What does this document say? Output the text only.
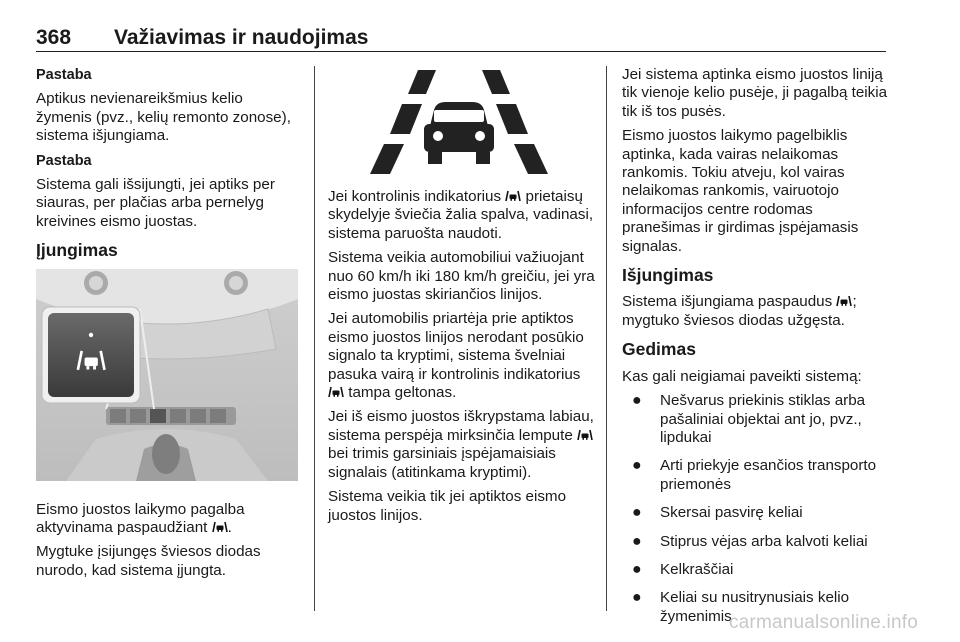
368 Važiavimas ir naudojimas

Pastaba

Aptikus nevienareikšmius kelio žymenis (pvz., kelių remonto zonose), sistema išjungiama.

Pastaba

Sistema gali išsijungti, jei aptiks per siauras, per plačias arba pernelyg kreivines eismo juostas.

Įjungimas

Eismo juostos laikymo pagalba aktyvinama paspaudžiant .

Mygtuke įsijungęs šviesos diodas nurodo, kad sistema įjungta.

Jei kontrolinis indikatorius  prietaisų skydelyje šviečia žalia spalva, vadinasi, sistema paruošta naudoti.

Sistema veikia automobiliui važiuojant nuo 60 km/h iki 180 km/h greičiu, jei yra eismo juostas skiriančios linijos.

Jei automobilis priartėja prie aptiktos eismo juostos linijos nerodant posūkio signalo ta kryptimi, sistema švelniai pasuka vairą ir kontrolinis indikatorius  tampa geltonas.

Jei iš eismo juostos iškrypstama labiau, sistema perspėja mirksinčia lempute  bei trimis garsiniais įspėjamaisiais signalais (atitinkama kryptimi).

Sistema veikia tik jei aptiktos eismo juostos linijos.

Jei sistema aptinka eismo juostos liniją tik vienoje kelio pusėje, ji pagalbą teikia tik iš tos pusės.

Eismo juostos laikymo pagelbiklis aptinka, kada vairas nelaikomas rankomis. Tokiu atveju, kol vairas nelaikomas rankomis, vairuotojo informacijos centre rodomas pranešimas ir girdimas įspėjamasis signalas.

Išjungimas

Sistema išjungiama paspaudus ; mygtuko šviesos diodas užgęsta.

Gedimas

Kas gali neigiamai paveikti sistemą:

● Nešvarus priekinis stiklas arba pašaliniai objektai ant jo, pvz., lipdukai
● Arti priekyje esančios transporto priemonės
● Skersai pasvirę keliai
● Stiprus vėjas arba kalvoti keliai
● Kelkraščiai
● Keliai su nusitrynusiais kelio žymenimis
carmanualsonline.info
